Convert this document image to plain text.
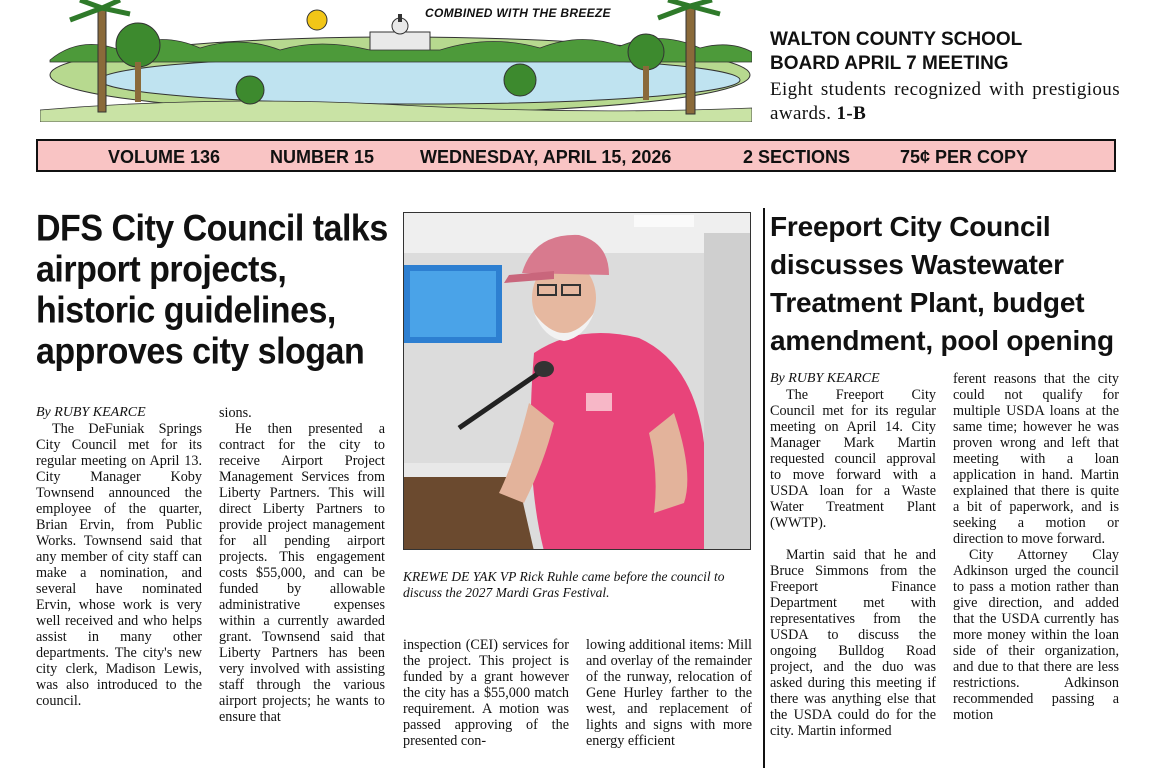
COMBINED WITH THE BREEZE
WALTON COUNTY SCHOOL
BOARD APRIL 7 MEETING
Eight students recognized with prestigious awards. 1-B
VOLUME 136	NUMBER 15	WEDNESDAY, APRIL 15, 2026	2 SECTIONS	75¢ PER COPY
DFS City Council talks
airport projects,
historic guidelines,
approves city slogan
By RUBY KEARCE

The DeFuniak Springs City Council met for its regular meeting on April 13. City Manager Koby Townsend announced the employee of the quarter, Brian Ervin, from Public Works. Townsend said that any member of city staff can make a nomination, and several have nominated Ervin, whose work is very well received and who helps assist in many other departments. The city's new city clerk, Madison Lewis, was also introduced to the council.

sions.

He then presented a contract for the city to receive Airport Project Management Services from Liberty Partners. This will direct Liberty Partners to provide project management for all pending airport projects. This engagement costs $55,000, and can be funded by allowable administrative expenses within a currently awarded grant. Townsend said that Liberty Partners has been very involved with assisting staff through the various airport projects; he wants to ensure that

inspection (CEI) services for the project. This project is funded by a grant however the city has a $55,000 match requirement. A motion was passed approving of the presented con-

lowing additional items: Mill and overlay of the remainder of the runway, relocation of Gene Hurley farther to the west, and replacement of lights and signs with more energy efficient

KREWE DE YAK VP Rick Ruhle came before the council to discuss the 2027 Mardi Gras Festival.
Freeport City Council
discusses Wastewater
Treatment Plant, budget
amendment, pool opening
By RUBY KEARCE

The Freeport City Council met for its regular meeting on April 14. City Manager Mark Martin requested council approval to move forward with a USDA loan for a Waste Water Treatment Plant (WWTP).

Martin said that he and Bruce Simmons from the Freeport Finance Department met with representatives from the USDA to discuss the ongoing Bulldog Road project, and the duo was asked during this meeting if there was anything else that the USDA could do for the city. Martin informed

ferent reasons that the city could not qualify for multiple USDA loans at the same time; however he was proven wrong and left that meeting with a loan application in hand. Martin explained that there is quite a bit of paperwork, and is seeking a motion or direction to move forward.

City Attorney Clay Adkinson urged the council to pass a motion rather than give direction, and added that the USDA currently has more money within the loan side of their organization, and due to that there are less restrictions. Adkinson recommended passing a motion
